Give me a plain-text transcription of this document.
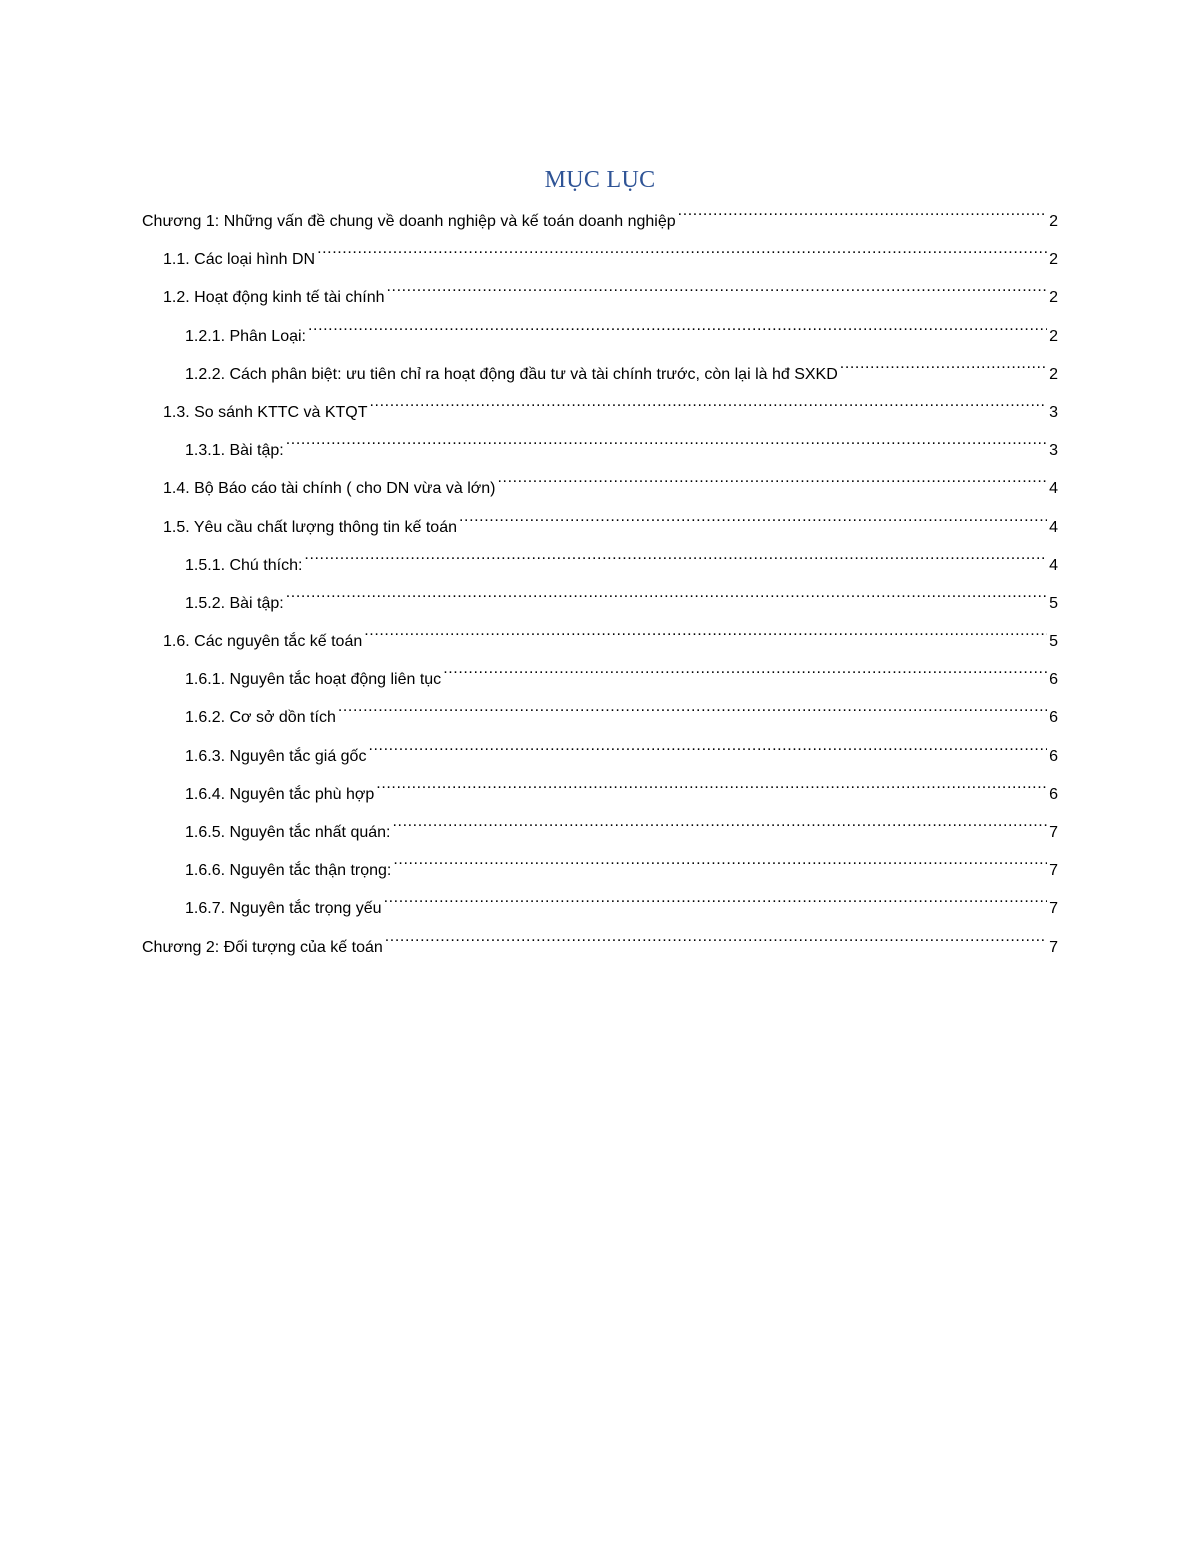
MỤC LỤC
Chương 1: Những vấn đề chung về doanh nghiệp và kế toán doanh nghiệp .....	2
1.1. Các loại hình DN .....	2
1.2. Hoạt động kinh tế tài chính .....	2
1.2.1. Phân Loại: .....	2
1.2.2. Cách phân biệt: ưu tiên chỉ ra hoạt động đầu tư và tài chính trước, còn lại là hđ SXKD .....	2
1.3. So sánh KTTC và KTQT .....	3
1.3.1. Bài tập: .....	3
1.4. Bộ Báo cáo tài chính ( cho DN vừa và lớn) .....	4
1.5. Yêu cầu chất lượng thông tin kế toán .....	4
1.5.1. Chú thích: .....	4
1.5.2. Bài tập: .....	5
1.6. Các nguyên tắc kế toán .....	5
1.6.1. Nguyên tắc hoạt động liên tục .....	6
1.6.2. Cơ sở dồn tích .....	6
1.6.3. Nguyên tắc giá gốc .....	6
1.6.4. Nguyên tắc phù hợp .....	6
1.6.5. Nguyên tắc nhất quán: .....	7
1.6.6. Nguyên tắc thận trọng: .....	7
1.6.7. Nguyên tắc trọng yếu .....	7
Chương 2: Đối tượng của kế toán .....	7
